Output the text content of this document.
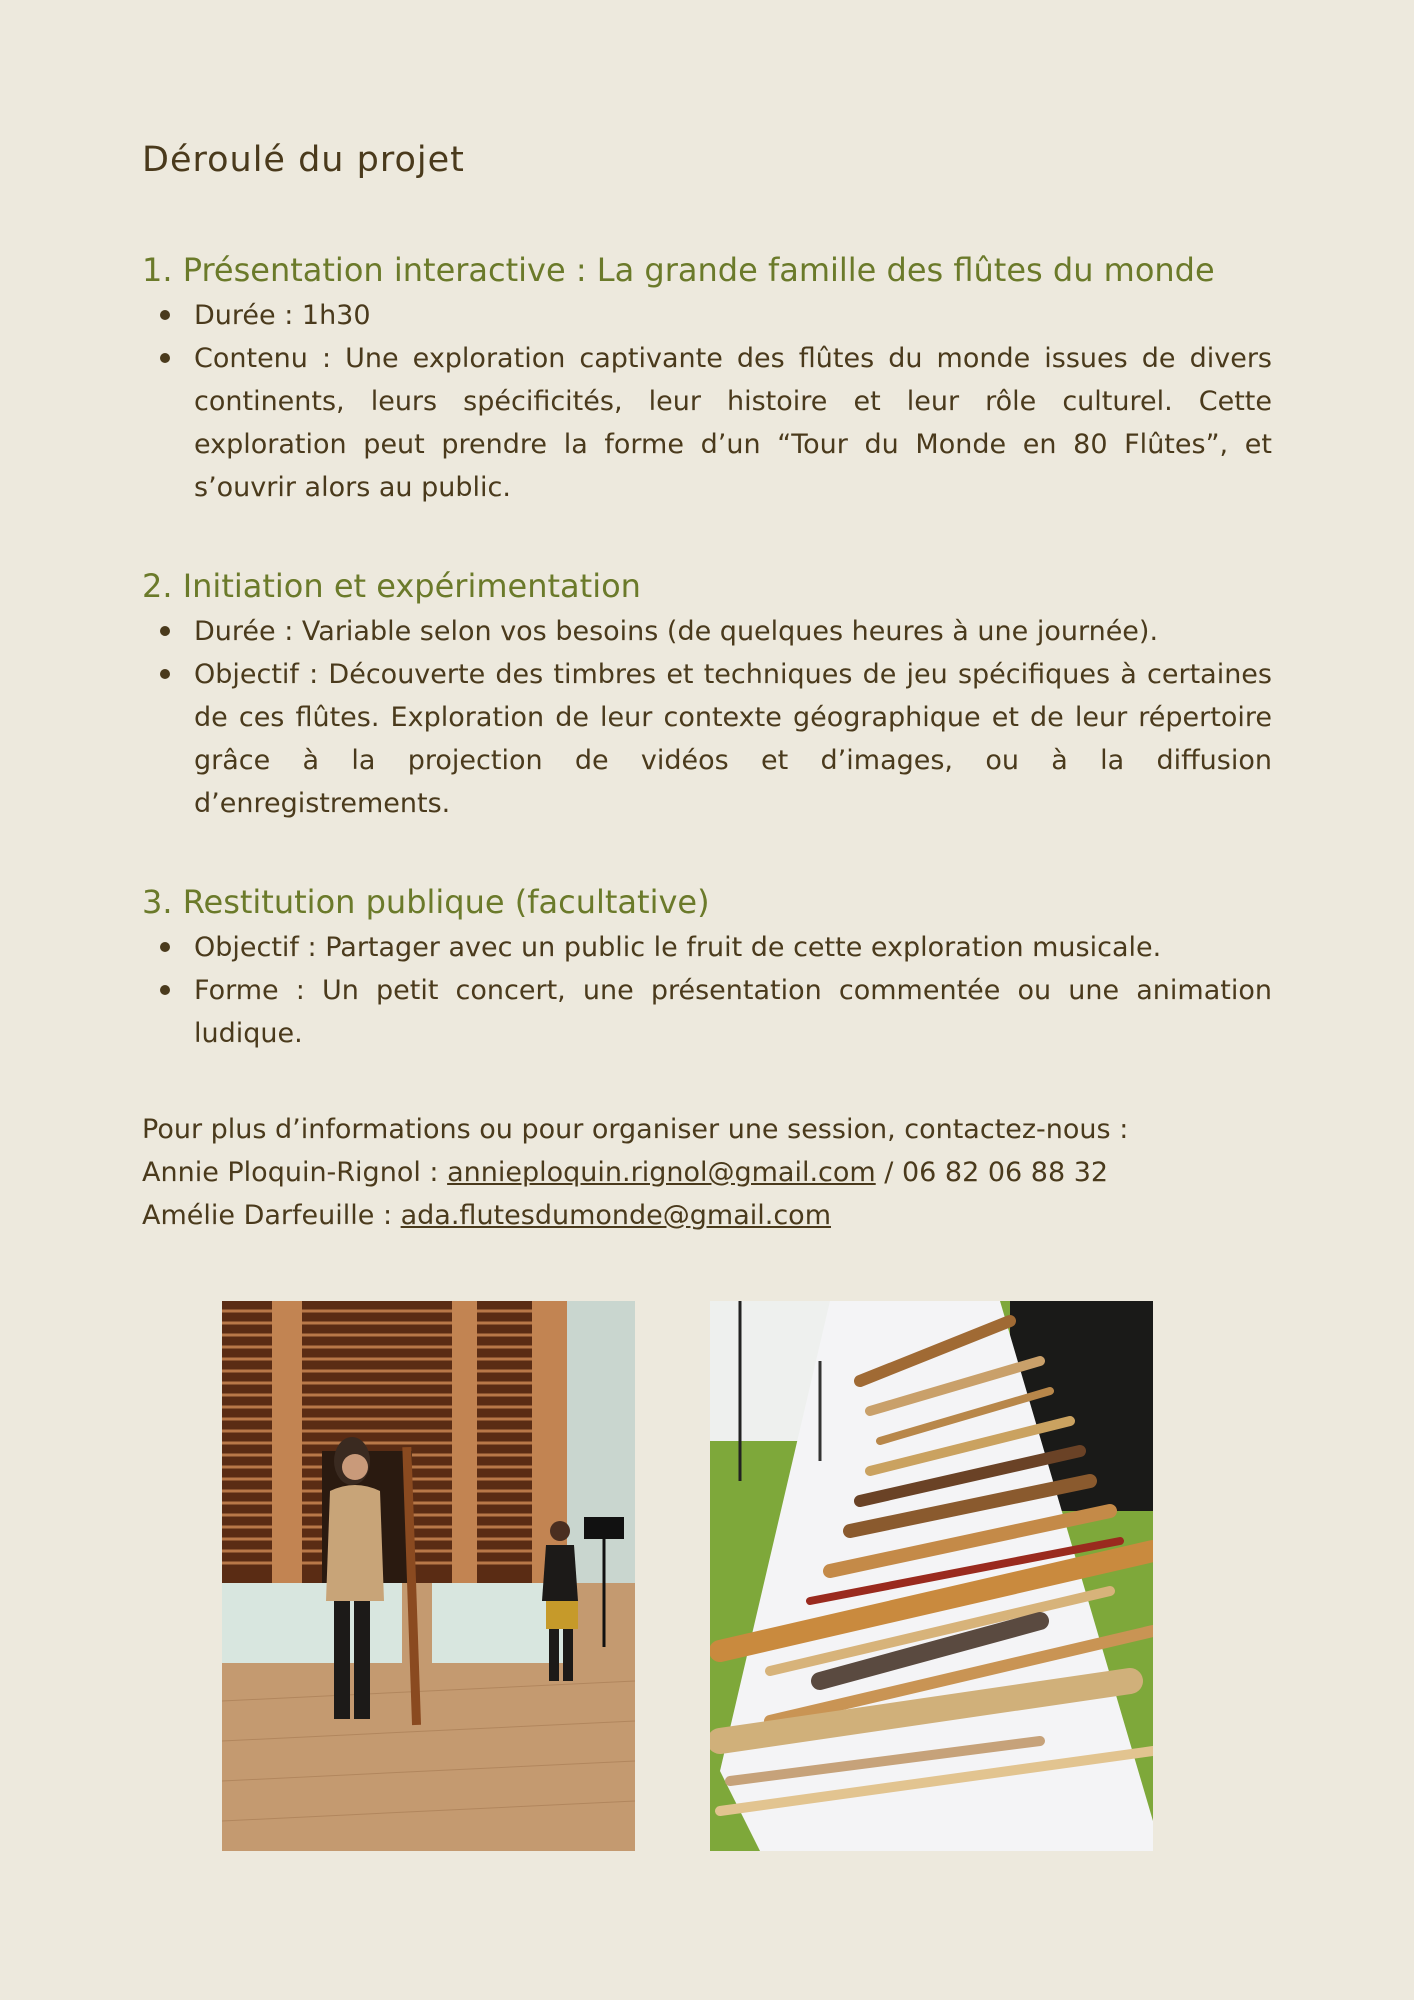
Déroulé du projet
1. Présentation interactive : La grande famille des flûtes du monde
Durée : 1h30
Contenu : Une exploration captivante des flûtes du monde issues de divers continents, leurs spécificités, leur histoire et leur rôle culturel. Cette exploration peut prendre la forme d’un “Tour du Monde en 80 Flûtes”, et s’ouvrir alors au public.
2. Initiation et expérimentation
Durée : Variable selon vos besoins (de quelques heures à une journée).
Objectif : Découverte des timbres et techniques de jeu spécifiques à certaines de ces flûtes. Exploration de leur contexte géographique et de leur répertoire grâce à la projection de vidéos et d’images, ou à la diffusion d’enregistrements.
3. Restitution publique (facultative)
Objectif : Partager avec un public le fruit de cette exploration musicale.
Forme : Un petit concert, une présentation commentée ou une animation ludique.
Pour plus d’informations ou pour organiser une session, contactez-nous :
Annie Ploquin-Rignol : annieploquin.rignol@gmail.com / 06 82 06 88 32
Amélie Darfeuille : ada.flutesdumonde@gmail.com
